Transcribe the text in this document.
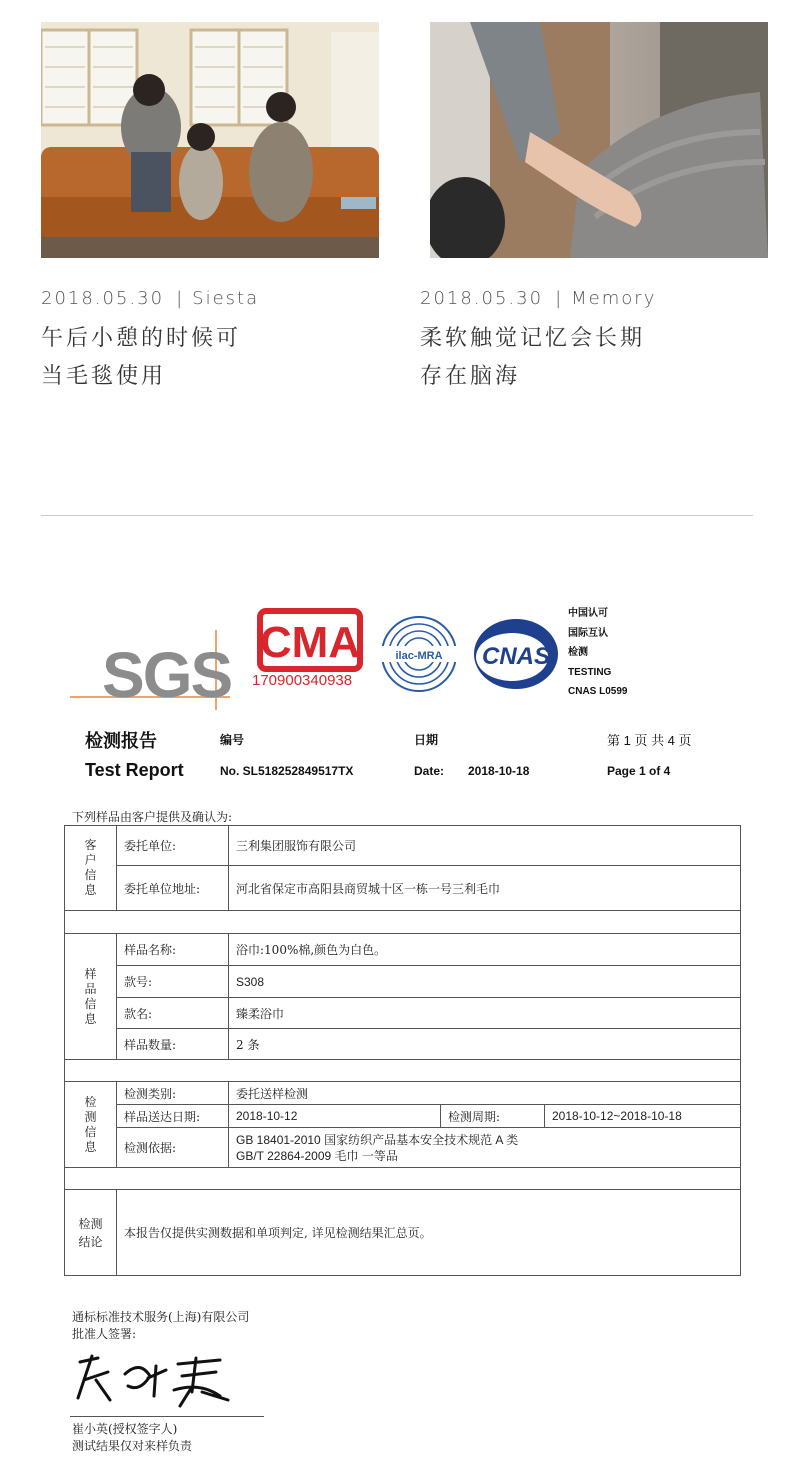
2018.05.30 | Siesta	2018.05.30 | Memory
午后小憩的时候可
当毛毯使用
柔软触觉记忆会长期
存在脑海
SGS CMA
170900340938
ilac-MRA CNAS
中国认可
国际互认
检测
TESTING
CNAS L0599
检测报告
Test Report
编号
No. SL518252849517TX
日期
Date: 2018-10-18
第 1 页 共 4 页
Page 1 of 4
下列样品由客户提供及确认为:
客户信息	委托单位:	三利集团服饰有限公司		
	委托单位地址:	河北省保定市高阳县商贸城十区一栋一号三利毛巾		

样品信息	样品名称:	浴巾:100%棉,颜色为白色。		
	款号:	S308		
	款名:	臻柔浴巾		
	样品数量:	2 条		

检测信息	检测类别:	委托送样检测		
	样品送达日期:	2018-10-12	检测周期:	2018-10-12~2018-10-18
	检测依据:	GB 18401-2010 国家纺织产品基本安全技术规范 A 类
GB/T 22864-2009 毛巾 一等品		

检测
结论	本报告仅提供实测数据和单项判定, 详见检测结果汇总页。			
通标标准技术服务(上海)有限公司
批准人签署:
崔小英(授权签字人)
测试结果仅对来样负责
